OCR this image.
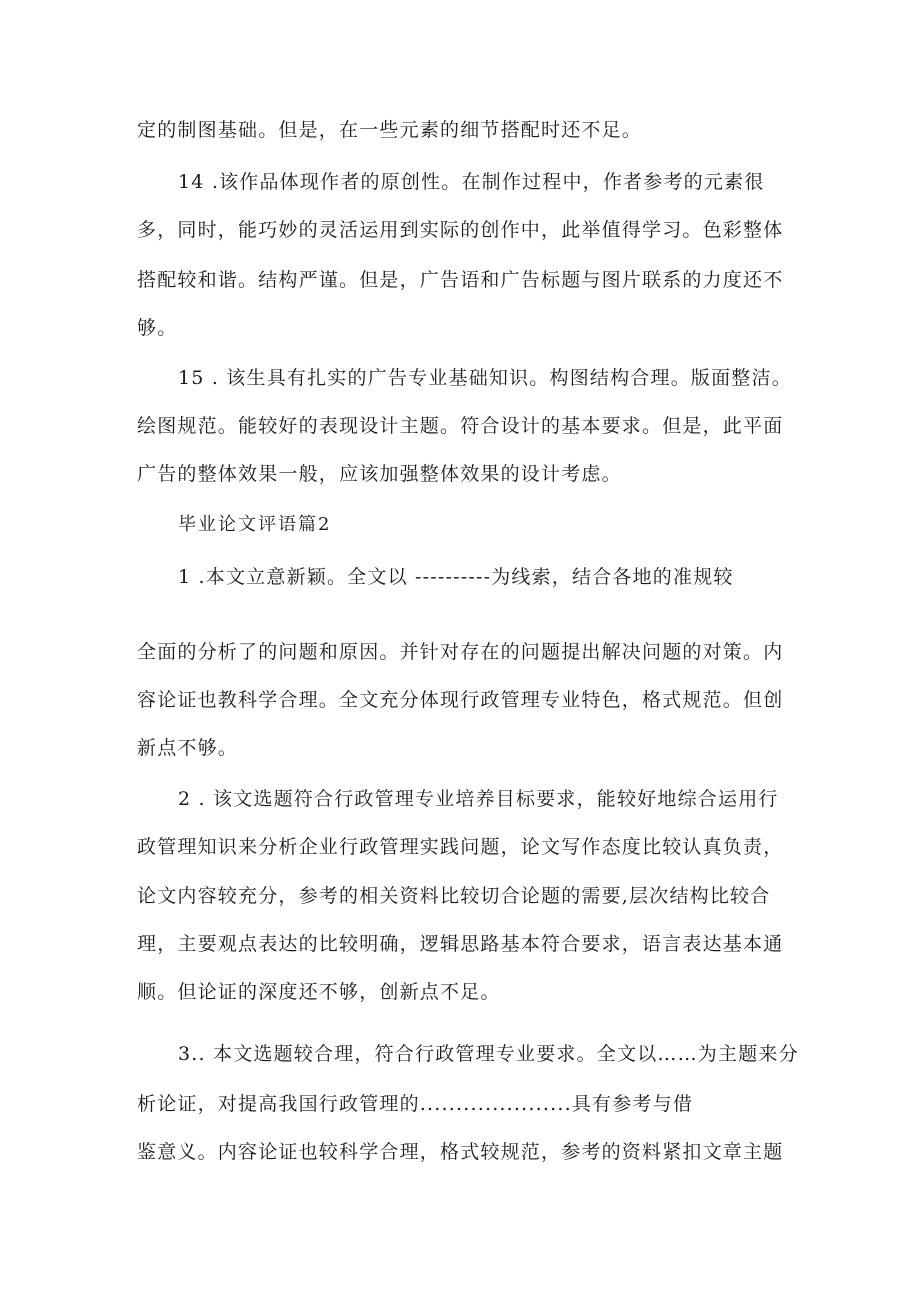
定的制图基础。但是，在一些元素的细节搭配时还不足。
14 .该作品体现作者的原创性。在制作过程中，作者参考的元素很
多，同时，能巧妙的灵活运用到实际的创作中，此举值得学习。色彩整体
搭配较和谐。结构严谨。但是，广告语和广告标题与图片联系的力度还不
够。
15 . 该生具有扎实的广告专业基础知识。构图结构合理。版面整洁。
绘图规范。能较好的表现设计主题。符合设计的基本要求。但是，此平面
广告的整体效果一般，应该加强整体效果的设计考虑。
毕业论文评语篇2
1 .本文立意新颖。全文以 ----------为线索，结合各地的准规较
全面的分析了的问题和原因。并针对存在的问题提出解决问题的对策。内
容论证也教科学合理。全文充分体现行政管理专业特色，格式规范。但创
新点不够。
2 . 该文选题符合行政管理专业培养目标要求，能较好地综合运用行
政管理知识来分析企业行政管理实践问题，论文写作态度比较认真负责，
论文内容较充分，参考的相关资料比较切合论题的需要,层次结构比较合
理，主要观点表达的比较明确，逻辑思路基本符合要求，语言表达基本通
顺。但论证的深度还不够，创新点不足。
3.. 本文选题较合理，符合行政管理专业要求。全文以……为主题来分
析论证，对提高我国行政管理的.....................具有参考与借
鉴意义。内容论证也较科学合理，格式较规范，参考的资料紧扣文章主题
